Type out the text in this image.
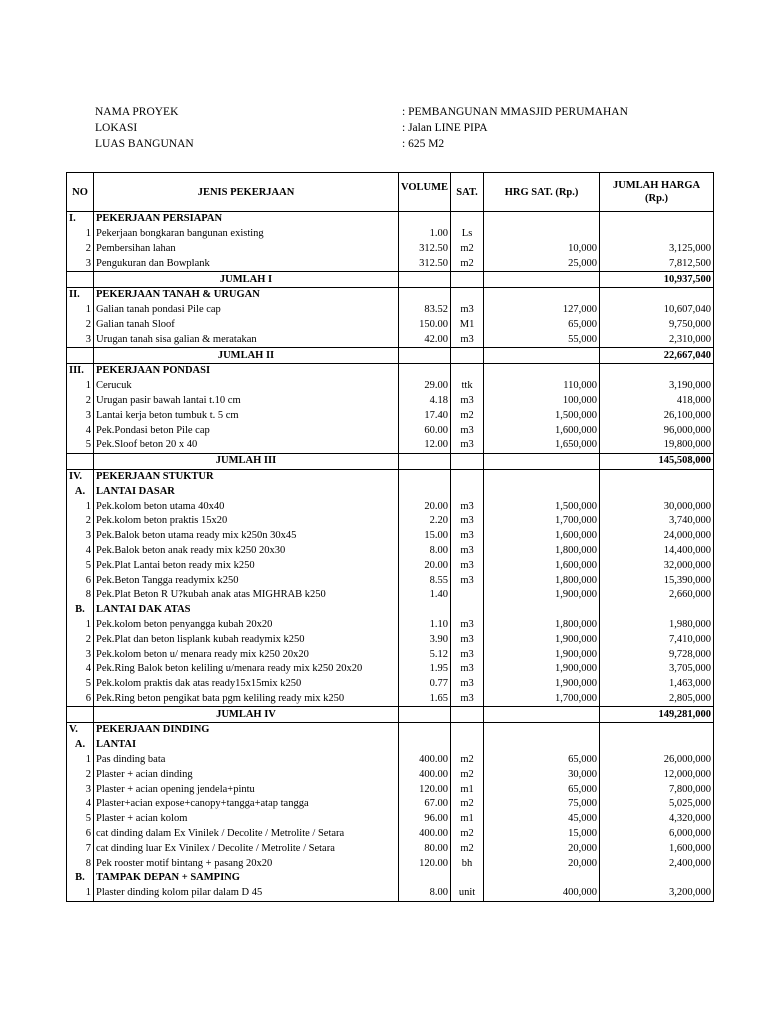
NAMA PROYEK	: PEMBANGUNAN MMASJID PERUMAHAN
LOKASI	: Jalan LINE PIPA
LUAS BANGUNAN	: 625 M2
NO	JENIS PEKERJAAN	VOLUME	SAT.	HRG SAT. (Rp.)	JUMLAH HARGA (Rp.)
I.	PEKERJAAN PERSIAPAN				
1	Pekerjaan bongkaran bangunan existing	1.00	Ls		
2	Pembersihan lahan	312.50	m2	10,000	3,125,000
3	Pengukuran dan Bowplank	312.50	m2	25,000	7,812,500
	JUMLAH I				10,937,500
II.	PEKERJAAN TANAH & URUGAN				
1	Galian tanah pondasi Pile cap	83.52	m3	127,000	10,607,040
2	Galian tanah Sloof	150.00	M1	65,000	9,750,000
3	Urugan tanah sisa galian & meratakan	42.00	m3	55,000	2,310,000
	JUMLAH II				22,667,040
III.	PEKERJAAN PONDASI				
1	Cerucuk	29.00	ttk	110,000	3,190,000
2	Urugan pasir bawah lantai t.10 cm	4.18	m3	100,000	418,000
3	Lantai kerja beton tumbuk t. 5 cm	17.40	m2	1,500,000	26,100,000
4	Pek.Pondasi beton Pile cap	60.00	m3	1,600,000	96,000,000
5	Pek.Sloof beton 20 x 40	12.00	m3	1,650,000	19,800,000
	JUMLAH III				145,508,000
IV.	PEKERJAAN STUKTUR				
A.	LANTAI DASAR				
1	Pek.kolom beton utama 40x40	20.00	m3	1,500,000	30,000,000
2	Pek.kolom beton praktis 15x20	2.20	m3	1,700,000	3,740,000
3	Pek.Balok beton utama ready mix k250n 30x45	15.00	m3	1,600,000	24,000,000
4	Pek.Balok beton anak ready mix k250 20x30	8.00	m3	1,800,000	14,400,000
5	Pek.Plat Lantai beton ready mix k250	20.00	m3	1,600,000	32,000,000
6	Pek.Beton Tangga readymix k250	8.55	m3	1,800,000	15,390,000
8	Pek.Plat Beton R U?kubah anak atas MIGHRAB k250	1.40		1,900,000	2,660,000
B.	LANTAI DAK ATAS				
1	Pek.kolom beton penyangga kubah 20x20	1.10	m3	1,800,000	1,980,000
2	Pek.Plat dan beton lisplank kubah readymix k250	3.90	m3	1,900,000	7,410,000
3	Pek.kolom beton u/ menara ready mix k250 20x20	5.12	m3	1,900,000	9,728,000
4	Pek.Ring Balok beton keliling u/menara ready mix k250 20x20	1.95	m3	1,900,000	3,705,000
5	Pek.kolom praktis dak atas ready15x15mix k250	0.77	m3	1,900,000	1,463,000
6	Pek.Ring beton pengikat bata pgm keliling ready mix k250	1.65	m3	1,700,000	2,805,000
	JUMLAH IV				149,281,000
V.	PEKERJAAN DINDING				
A.	LANTAI				
1	Pas dinding bata	400.00	m2	65,000	26,000,000
2	Plaster + acian dinding	400.00	m2	30,000	12,000,000
3	Plaster + acian opening jendela+pintu	120.00	m1	65,000	7,800,000
4	Plaster+acian expose+canopy+tangga+atap tangga	67.00	m2	75,000	5,025,000
5	Plaster + acian kolom	96.00	m1	45,000	4,320,000
6	cat dinding dalam Ex Vinilek / Decolite / Metrolite / Setara	400.00	m2	15,000	6,000,000
7	cat dinding luar Ex Vinilex / Decolite / Metrolite / Setara	80.00	m2	20,000	1,600,000
8	Pek rooster motif bintang + pasang 20x20	120.00	bh	20,000	2,400,000
B.	TAMPAK DEPAN + SAMPING				
1	Plaster dinding kolom pilar dalam D 45	8.00	unit	400,000	3,200,000
